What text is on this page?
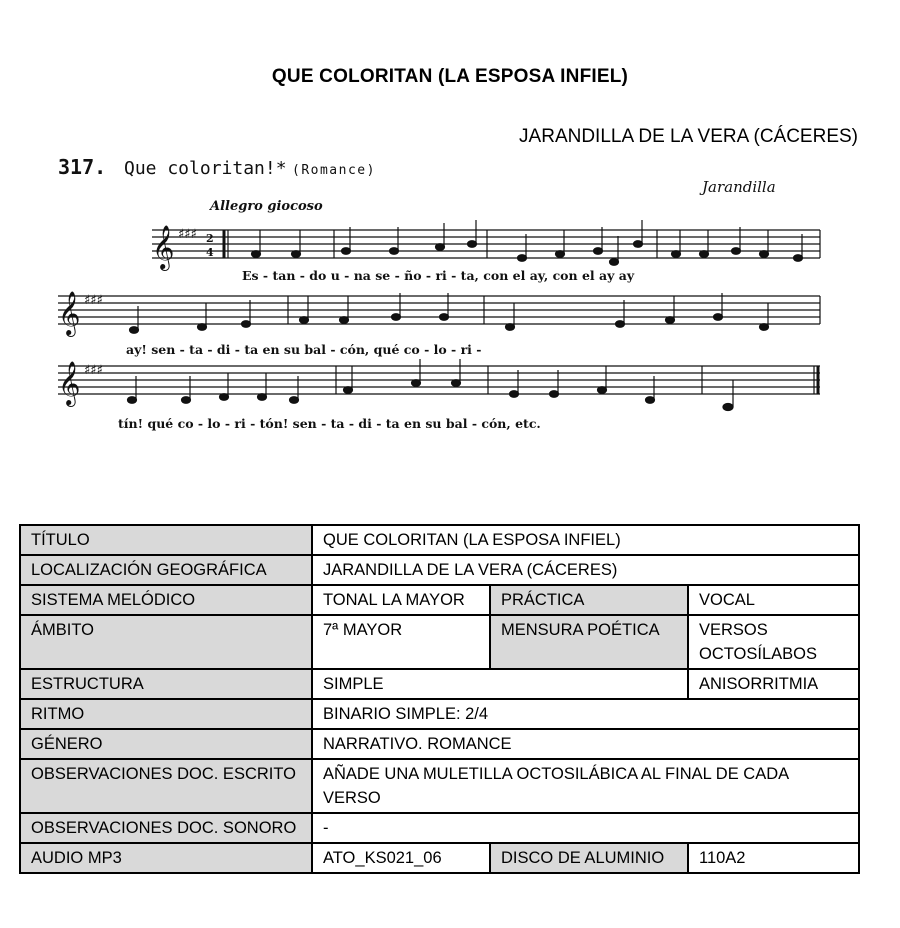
QUE COLORITAN (LA ESPOSA INFIEL)
JARANDILLA DE LA VERA (CÁCERES)
317. Que coloritan!* (Romance)
Jarandilla
Allegro giocoso
𝄞 ♯♯♯ 2
4
Es - tan - do u - na se - ño - ri - ta, con el ay, con el ay ay
𝄞 ♯♯♯
ay! sen - ta - di - ta en su bal - cón, qué co - lo - ri -
𝄞 ♯♯♯
tín! qué co - lo - ri - tón! sen - ta - di - ta en su bal - cón, etc.
TÍTULO	QUE COLORITAN (LA ESPOSA INFIEL)		
LOCALIZACIÓN GEOGRÁFICA	JARANDILLA DE LA VERA (CÁCERES)		
SISTEMA MELÓDICO	TONAL LA MAYOR	PRÁCTICA	VOCAL
ÁMBITO	7ª MAYOR	MENSURA POÉTICA	VERSOS OCTOSÍLABOS
ESTRUCTURA	SIMPLE		ANISORRITMIA
RITMO	BINARIO SIMPLE: 2/4		
GÉNERO	NARRATIVO. ROMANCE		
OBSERVACIONES DOC. ESCRITO	AÑADE UNA MULETILLA OCTOSILÁBICA AL FINAL DE CADA VERSO		
OBSERVACIONES DOC. SONORO	-		
AUDIO MP3	ATO_KS021_06	DISCO DE ALUMINIO	110A2
